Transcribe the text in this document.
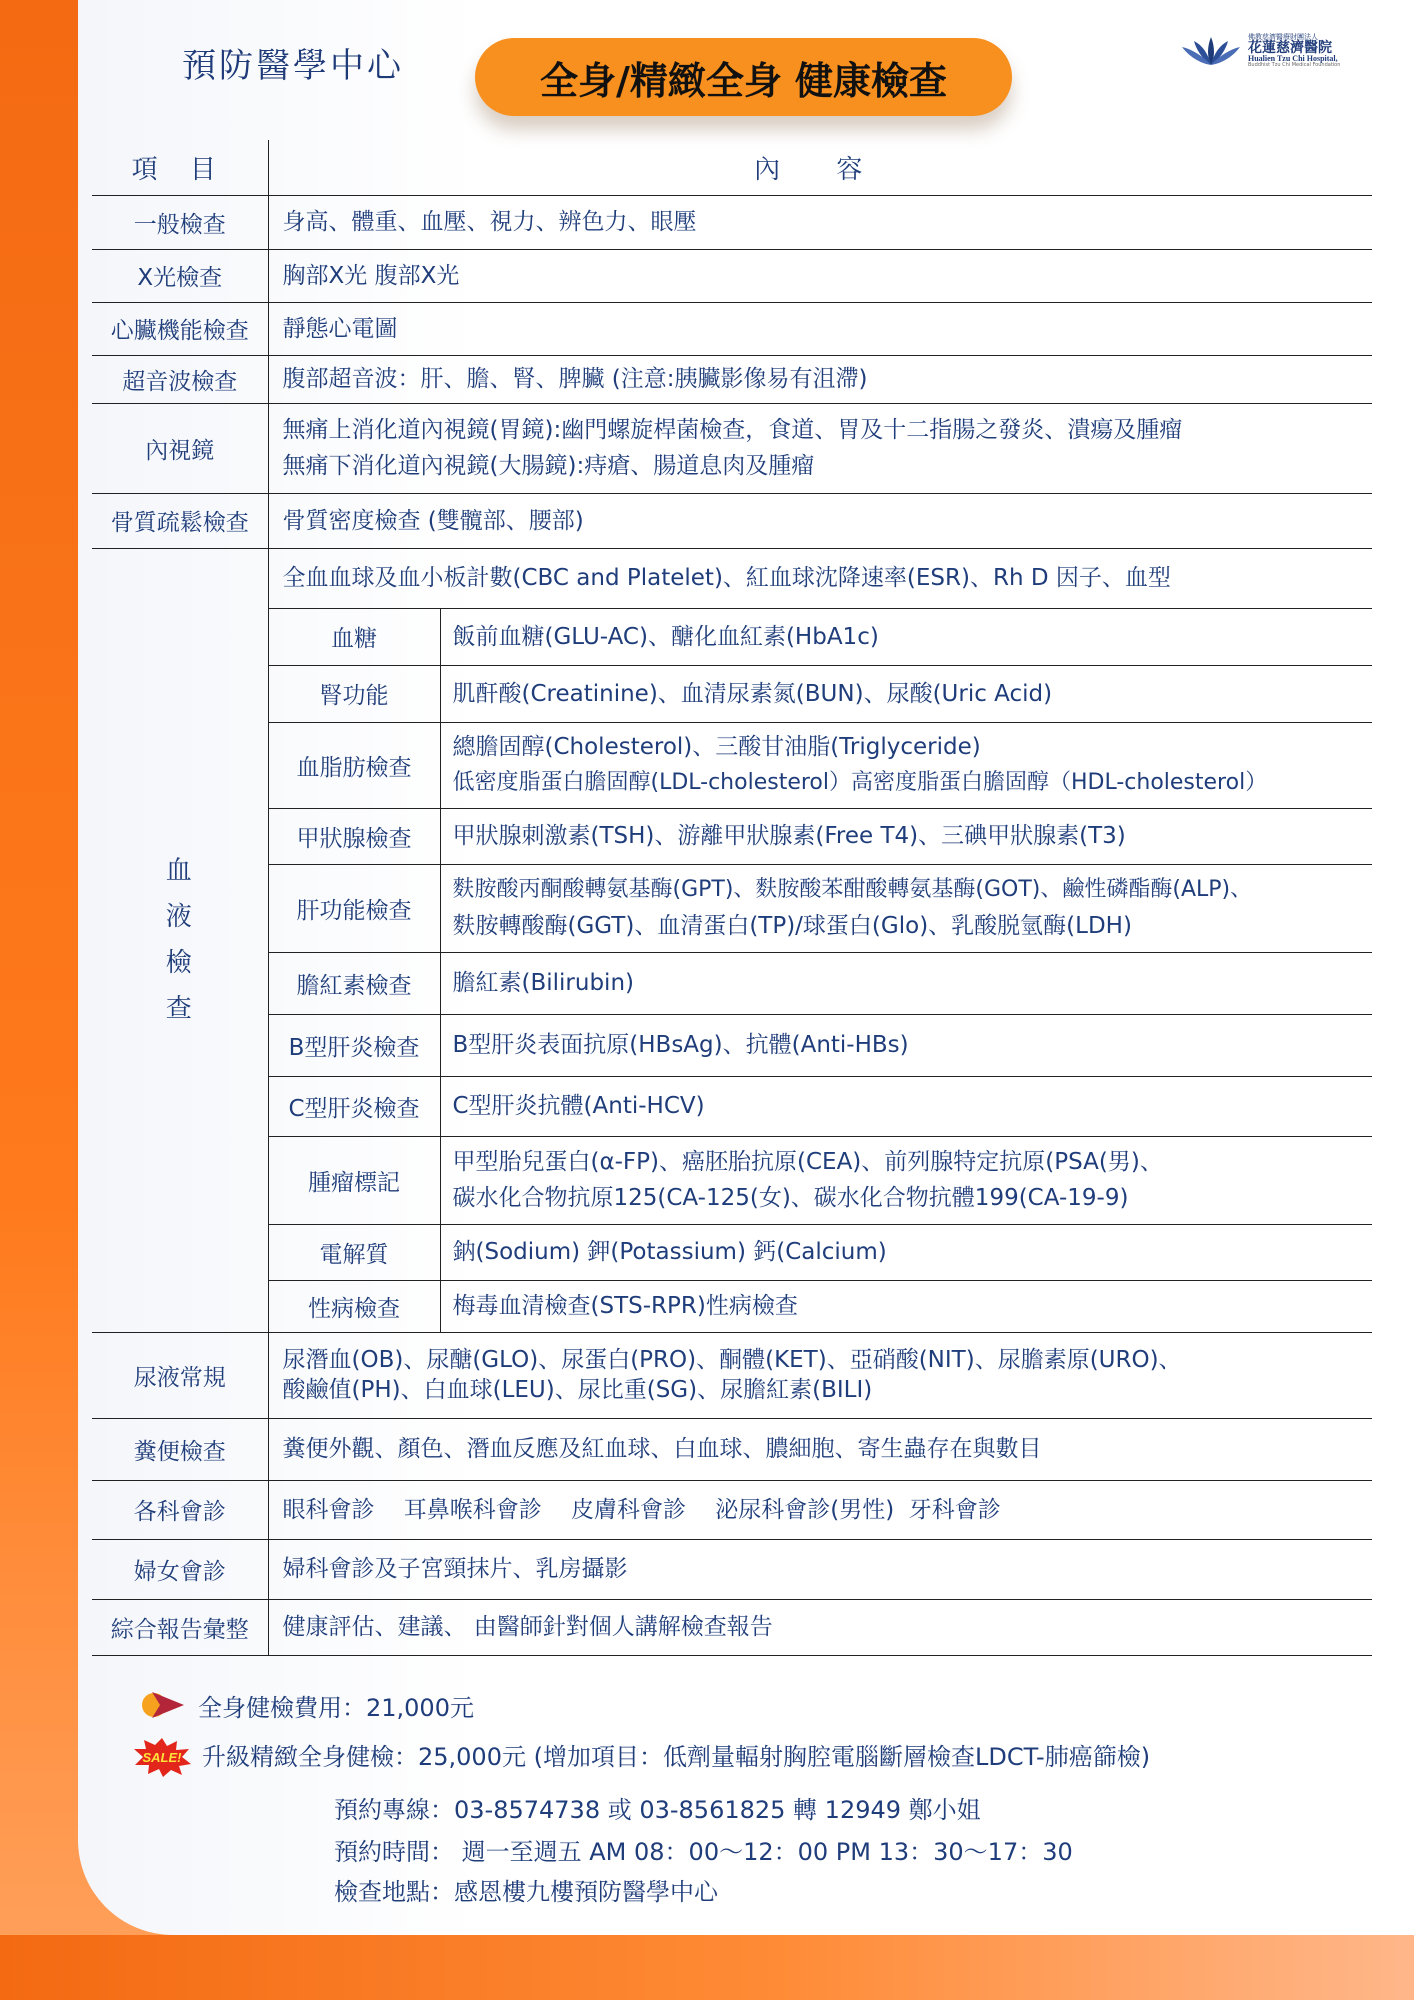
預防醫學中心	全身/精緻全身 健康檢查
佛教慈濟醫療財團法人
花蓮慈濟醫院
Hualien Tzu Chi Hospital,
Buddhist Tzu Chi Medical Foundation
項 目	內 容	
一般檢查	身高、體重、血壓、視力、辨色力、眼壓	
X光檢查	胸部X光 腹部X光	
心臟機能檢查	靜態心電圖	
超音波檢查	腹部超音波：肝、膽、腎、脾臟 (注意:胰臟影像易有沮滯)	
內視鏡	無痛上消化道內視鏡(胃鏡):幽門螺旋桿菌檢查，食道、胃及十二指腸之發炎、潰瘍及腫瘤
無痛下消化道內視鏡(大腸鏡):痔瘡、腸道息肉及腫瘤	

骨質疏鬆檢查	骨質密度檢查 (雙髖部、腰部)	

血
液
檢
查	全血血球及血小板計數(CBC and Platelet)、紅血球沈降速率(ESR)、Rh D 因子、血型	
	血糖	飯前血糖(GLU-AC)、醣化血紅素(HbA1c)
	腎功能	肌酐酸(Creatinine)、血清尿素氮(BUN)、尿酸(Uric Acid)
	血脂肪檢查	總膽固醇(Cholesterol)、三酸甘油脂(Triglyceride)
低密度脂蛋白膽固醇(LDL-cholesterol）高密度脂蛋白膽固醇（HDL-cholesterol）

	甲狀腺檢查	甲狀腺刺激素(TSH)、游離甲狀腺素(Free T4)、三碘甲狀腺素(T3)
	肝功能檢查	麩胺酸丙酮酸轉氨基酶(GPT)、麩胺酸苯酣酸轉氨基酶(GOT)、鹼性磷酯酶(ALP)、
麩胺轉酸酶(GGT)、血清蛋白(TP)/球蛋白(Glo)、乳酸脱氫酶(LDH)

	膽紅素檢查	膽紅素(Bilirubin)
	B型肝炎檢查	B型肝炎表面抗原(HBsAg)、抗體(Anti-HBs)
	C型肝炎檢查	C型肝炎抗體(Anti-HCV)
	腫瘤標記	甲型胎兒蛋白(α-FP)、癌胚胎抗原(CEA)、前列腺特定抗原(PSA(男)、
碳水化合物抗原125(CA-125(女)、碳水化合物抗體199(CA-19-9)

	電解質	鈉(Sodium) 鉀(Potassium) 鈣(Calcium)
	性病檢查	梅毒血清檢查(STS-RPR)性病檢查
尿液常規	尿潛血(OB)、尿醣(GLO)、尿蛋白(PRO)、酮體(KET)、亞硝酸(NIT)、尿膽素原(URO)、
酸鹼值(PH)、白血球(LEU)、尿比重(SG)、尿膽紅素(BILI)	

糞便檢查	糞便外觀、顏色、潛血反應及紅血球、白血球、膿細胞、寄生蟲存在與數目	
各科會診	眼科會診    耳鼻喉科會診    皮膚科會診    泌尿科會診(男性)  牙科會診	
婦女會診	婦科會診及子宮頸抹片、乳房攝影	
綜合報告彙整	健康評估、建議、 由醫師針對個人講解檢查報告	
全身健檢費用：21,000元
SALE! 升級精緻全身健檢：25,000元 (增加項目：低劑量輻射胸腔電腦斷層檢查LDCT-肺癌篩檢)
預約專線：03-8574738 或 03-8561825 轉 12949 鄭小姐
預約時間： 週一至週五 AM 08：00～12：00 PM 13：30～17：30
檢查地點：感恩樓九樓預防醫學中心
